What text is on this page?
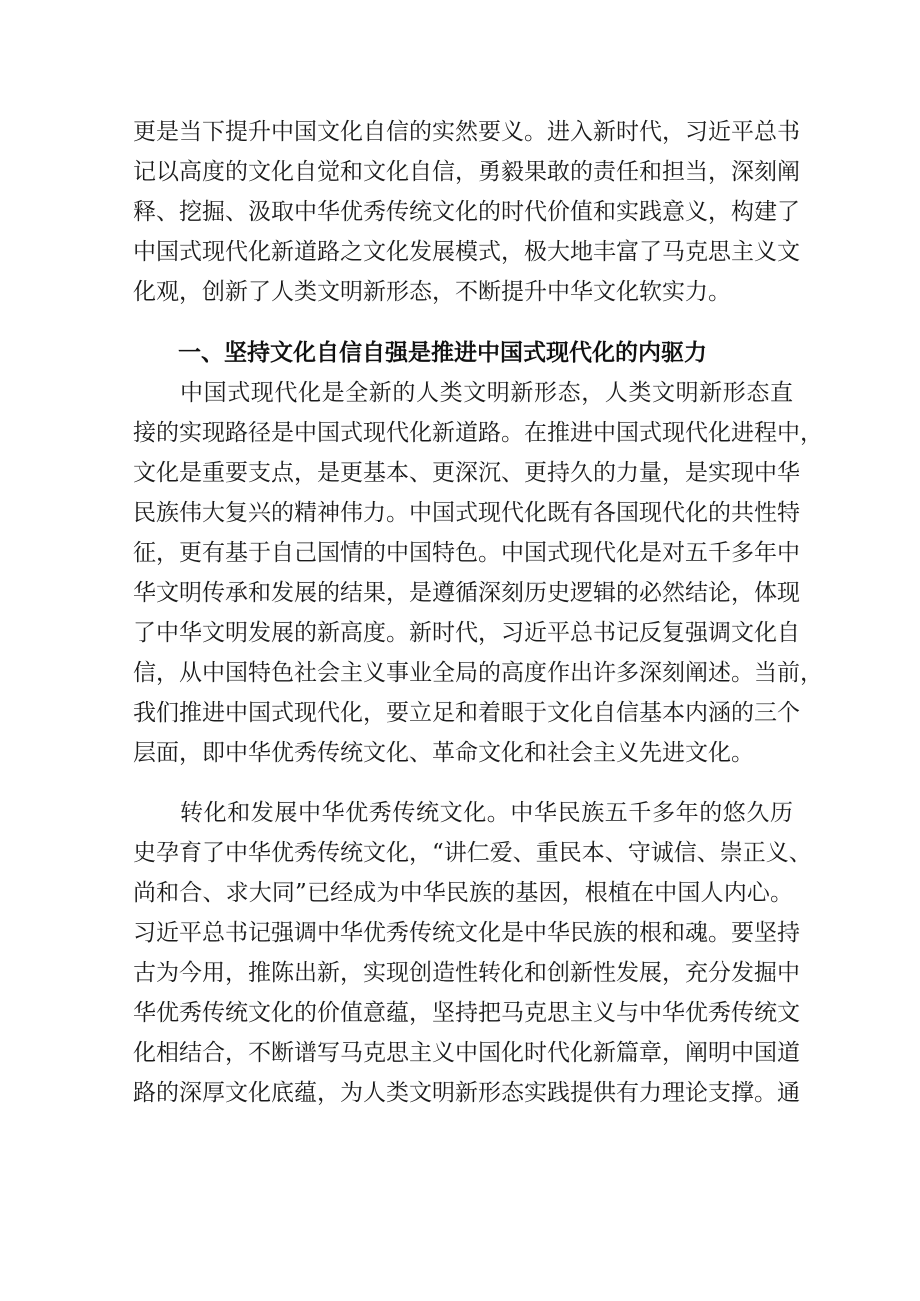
更是当下提升中国文化自信的实然要义。进入新时代，习近平总书
记以高度的文化自觉和文化自信，勇毅果敢的责任和担当，深刻阐
释、挖掘、汲取中华优秀传统文化的时代价值和实践意义，构建了
中国式现代化新道路之文化发展模式，极大地丰富了马克思主义文
化观，创新了人类文明新形态，不断提升中华文化软实力。
一、坚持文化自信自强是推进中国式现代化的内驱力
中国式现代化是全新的人类文明新形态，人类文明新形态直
接的实现路径是中国式现代化新道路。在推进中国式现代化进程中，
文化是重要支点，是更基本、更深沉、更持久的力量，是实现中华
民族伟大复兴的精神伟力。中国式现代化既有各国现代化的共性特
征，更有基于自己国情的中国特色。中国式现代化是对五千多年中
华文明传承和发展的结果，是遵循深刻历史逻辑的必然结论，体现
了中华文明发展的新高度。新时代，习近平总书记反复强调文化自
信，从中国特色社会主义事业全局的高度作出许多深刻阐述。当前，
我们推进中国式现代化，要立足和着眼于文化自信基本内涵的三个
层面，即中华优秀传统文化、革命文化和社会主义先进文化。
转化和发展中华优秀传统文化。中华民族五千多年的悠久历
史孕育了中华优秀传统文化，“讲仁爱、重民本、守诚信、崇正义、
尚和合、求大同”已经成为中华民族的基因，根植在中国人内心。
习近平总书记强调中华优秀传统文化是中华民族的根和魂。要坚持
古为今用，推陈出新，实现创造性转化和创新性发展，充分发掘中
华优秀传统文化的价值意蕴，坚持把马克思主义与中华优秀传统文
化相结合，不断谱写马克思主义中国化时代化新篇章，阐明中国道
路的深厚文化底蕴，为人类文明新形态实践提供有力理论支撑。通
